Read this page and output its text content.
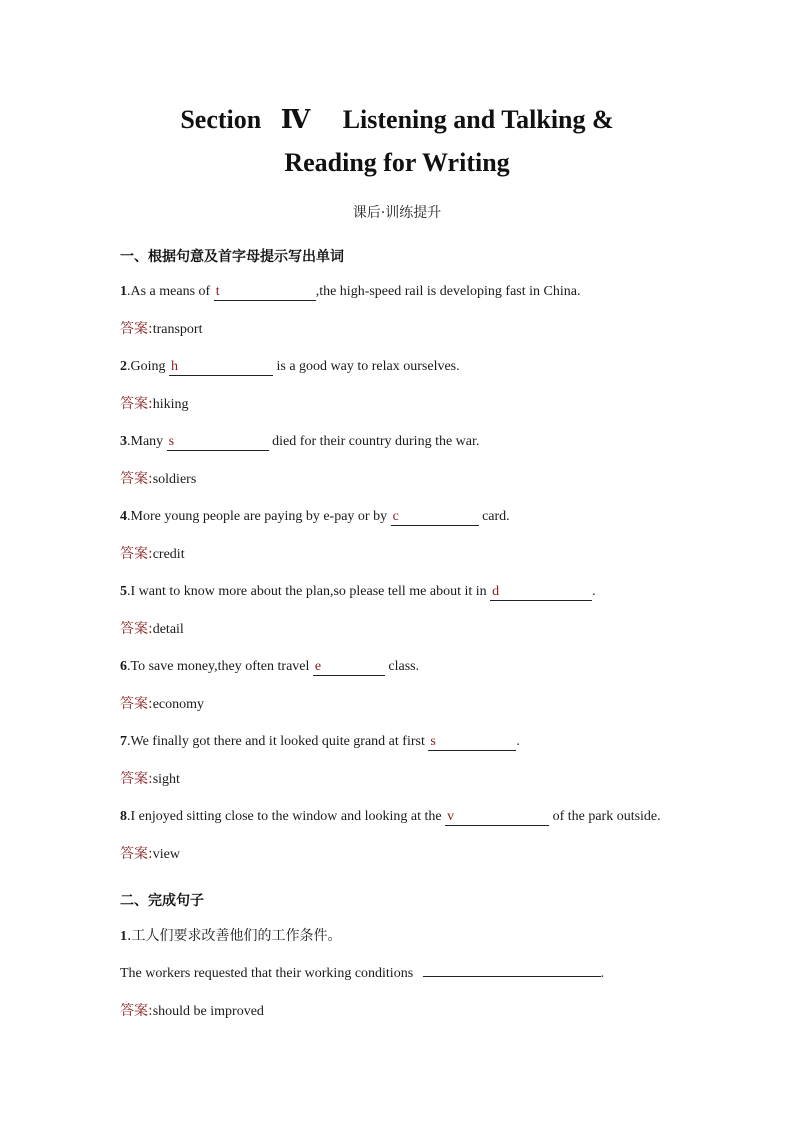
Section Ⅳ Listening and Talking &
Reading for Writing
课后·训练提升
一、根据句意及首字母提示写出单词
1.As a means of t	,the high-speed rail is developing fast in China.
答案:transport
2.Going h	is a good way to relax ourselves.
答案:hiking
3.Many s	died for their country during the war.
答案:soldiers
4.More young people are paying by e-pay or by c	card.
答案:credit
5.I want to know more about the plan,so please tell me about it in d	.
答案:detail
6.To save money,they often travel e	class.
答案:economy
7.We finally got there and it looked quite grand at first s	.
答案:sight
8.I enjoyed sitting close to the window and looking at the v	of the park outside.
答案:view
二、完成句子
1.工人们要求改善他们的工作条件。
The workers requested that their working conditions	.
答案:should be improved
